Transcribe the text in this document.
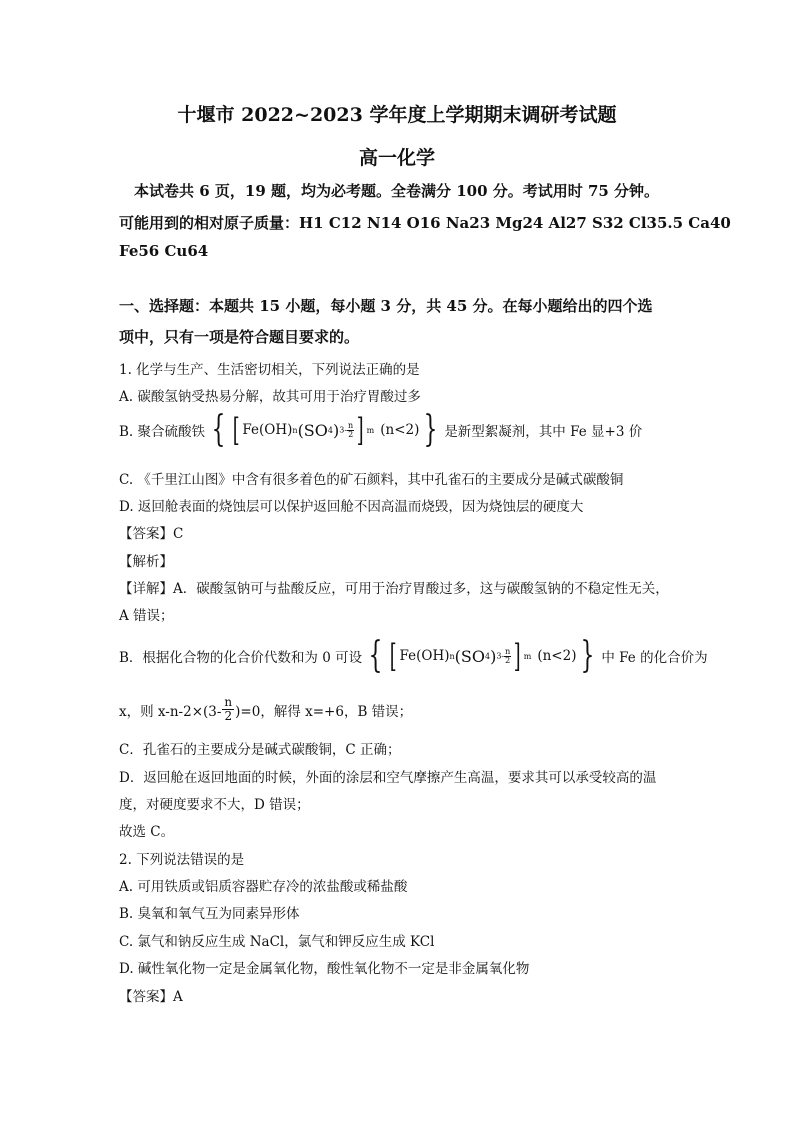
十堰市 2022~2023 学年度上学期期末调研考试题
高一化学
本试卷共 6 页，19 题，均为必考题。全卷满分 100 分。考试用时 75 分钟。
可能用到的相对原子质量：H1 C12 N14 O16 Na23 Mg24 Al27 S32 Cl35.5 Ca40
Fe56 Cu64
一、选择题：本题共 15 小题，每小题 3 分，共 45 分。在每小题给出的四个选
项中，只有一项是符合题目要求的。
1. 化学与生产、生活密切相关，下列说法正确的是
A. 碳酸氢钠受热易分解，故其可用于治疗胃酸过多
B. 聚合硫酸铁 { [ Fe (OH) n (SO 4 ) $3- \frac{n}{2}$ ] m (n<2) } 是新型絮凝剂，其中 Fe 显+3 价
C. 《千里江山图》中含有很多着色的矿石颜料，其中孔雀石的主要成分是碱式碳酸铜
D. 返回舱表面的烧蚀层可以保护返回舱不因高温而烧毁，因为烧蚀层的硬度大
【答案】C
【解析】
【详解】A．碳酸氢钠可与盐酸反应，可用于治疗胃酸过多，这与碳酸氢钠的不稳定性无关，
A 错误；
B．根据化合物的化合价代数和为 0 可设 { [ Fe (OH) n (SO 4 ) $3- \frac{n}{2}$ ] m (n<2) } 中 Fe 的化合价为
x，则 x-n-2×(3-
n
2 )=0，解得 x=+6，B 错误；
C．孔雀石的主要成分是碱式碳酸铜，C 正确；
D．返回舱在返回地面的时候，外面的涂层和空气摩擦产生高温，要求其可以承受较高的温
度，对硬度要求不大，D 错误；
故选 C。
2. 下列说法错误的是
A. 可用铁质或铝质容器贮存冷的浓盐酸或稀盐酸
B. 臭氧和氧气互为同素异形体
C. 氯气和钠反应生成 NaCl，氯气和钾反应生成 KCl
D. 碱性氧化物一定是金属氧化物，酸性氧化物不一定是非金属氧化物
【答案】A
